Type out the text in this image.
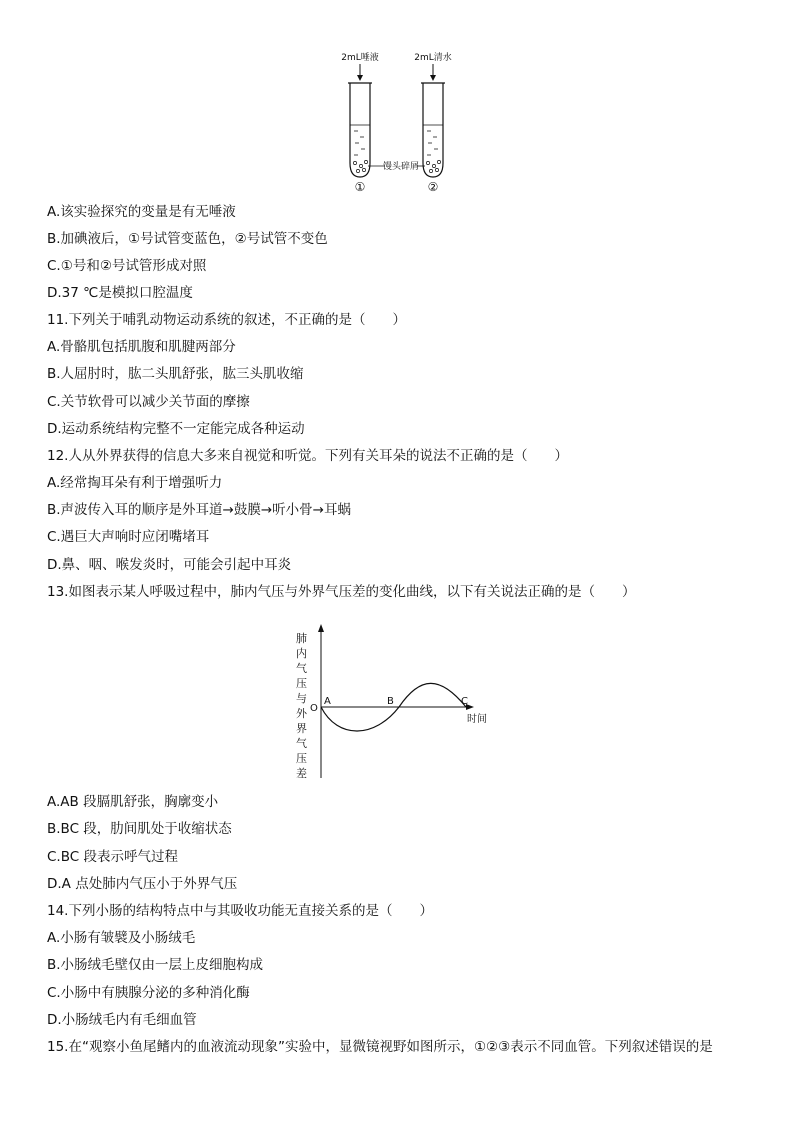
2mL唾液	2mL清水
馒头碎屑
①	②
A.该实验探究的变量是有无唾液
B.加碘液后，①号试管变蓝色，②号试管不变色
C.①号和②号试管形成对照
D.37 ℃是模拟口腔温度
11.下列关于哺乳动物运动系统的叙述，不正确的是（　　）
A.骨骼肌包括肌腹和肌腱两部分
B.人屈肘时，肱二头肌舒张，肱三头肌收缩
C.关节软骨可以减少关节面的摩擦
D.运动系统结构完整不一定能完成各种运动
12.人从外界获得的信息大多来自视觉和听觉。下列有关耳朵的说法不正确的是（　　）
A.经常掏耳朵有利于增强听力
B.声波传入耳的顺序是外耳道→鼓膜→听小骨→耳蜗
C.遇巨大声响时应闭嘴堵耳
D.鼻、咽、喉发炎时，可能会引起中耳炎
13.如图表示某人呼吸过程中，肺内气压与外界气压差的变化曲线，以下有关说法正确的是（　　）
肺
内
气
压
与
外
界
气
压
差
时间
O
A	B	C
A.AB 段膈肌舒张，胸廓变小
B.BC 段，肋间肌处于收缩状态
C.BC 段表示呼气过程
D.A 点处肺内气压小于外界气压
14.下列小肠的结构特点中与其吸收功能无直接关系的是（　　）
A.小肠有皱襞及小肠绒毛
B.小肠绒毛壁仅由一层上皮细胞构成
C.小肠中有胰腺分泌的多种消化酶
D.小肠绒毛内有毛细血管
15.在“观察小鱼尾鳍内的血液流动现象”实验中，显微镜视野如图所示，①②③表示不同血管。下列叙述错误的是
